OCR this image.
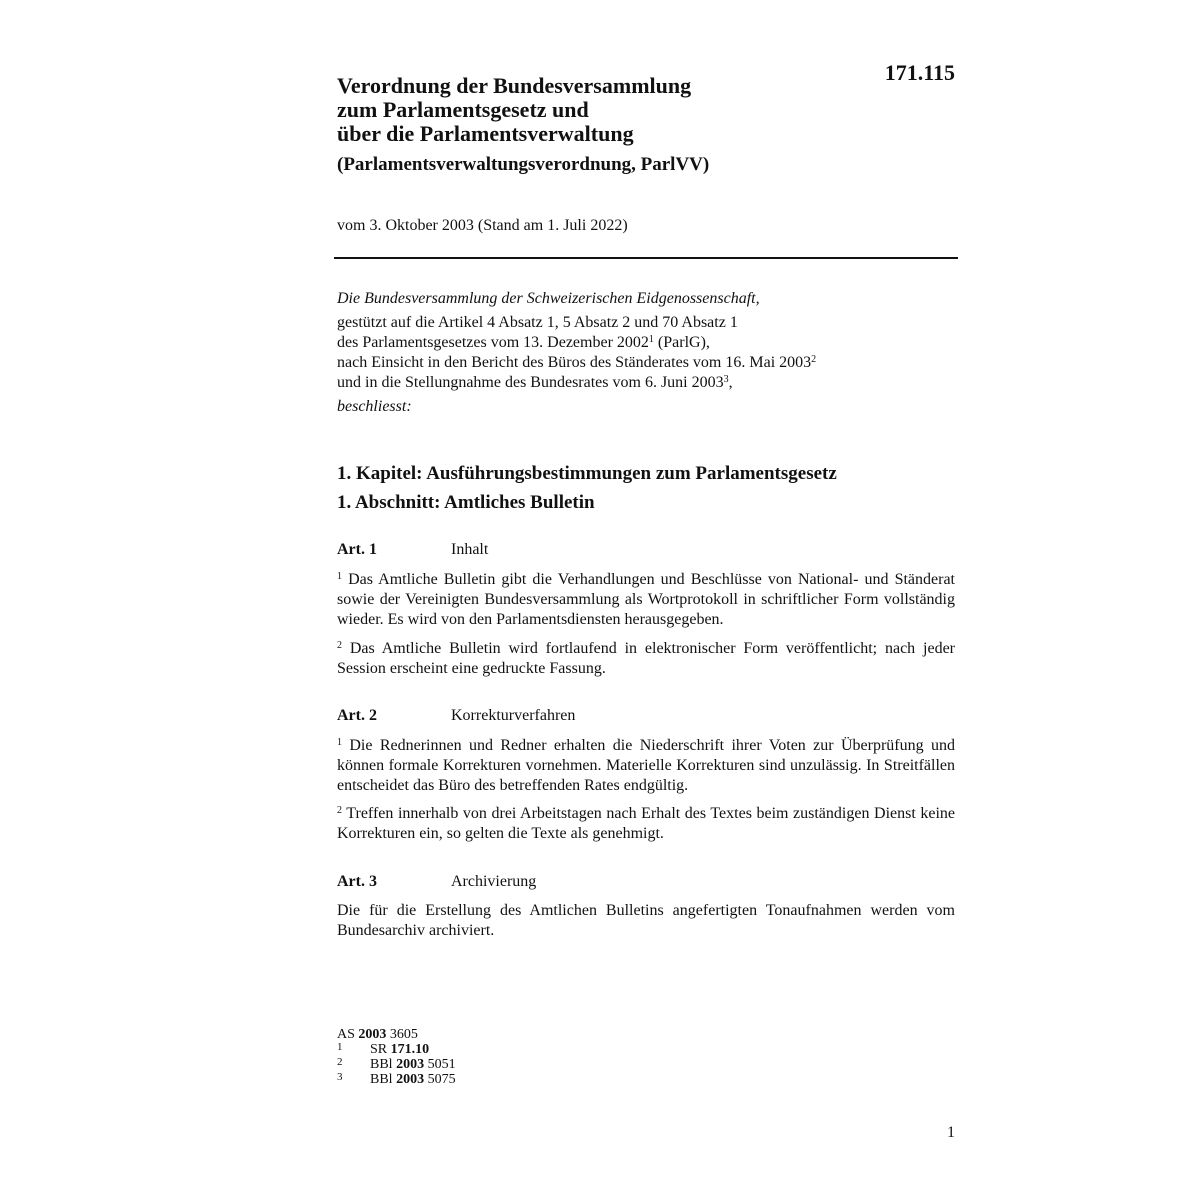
171.115
Verordnung der Bundesversammlung
zum Parlamentsgesetz und
über die Parlamentsverwaltung
(Parlamentsverwaltungsverordnung, ParlVV)
vom 3. Oktober 2003 (Stand am 1. Juli 2022)
Die Bundesversammlung der Schweizerischen Eidgenossenschaft,
gestützt auf die Artikel 4 Absatz 1, 5 Absatz 2 und 70 Absatz 1
des Parlamentsgesetzes vom 13. Dezember 2002$^1$ (ParlG),
nach Einsicht in den Bericht des Büros des Ständerates vom 16. Mai 2003$^2$
und in die Stellungnahme des Bundesrates vom 6. Juni 2003$^3$,
beschliesst:
1. Kapitel: Ausführungsbestimmungen zum Parlamentsgesetz
1. Abschnitt: Amtliches Bulletin
Art. 1	Inhalt
$^1$ Das Amtliche Bulletin gibt die Verhandlungen und Beschlüsse von National- und Ständerat sowie der Vereinigten Bundesversammlung als Wortprotokoll in schriftlicher Form vollständig wieder. Es wird von den Parlamentsdiensten herausgegeben.
$^2$ Das Amtliche Bulletin wird fortlaufend in elektronischer Form veröffentlicht; nach jeder Session erscheint eine gedruckte Fassung.
Art. 2	Korrekturverfahren
$^1$ Die Rednerinnen und Redner erhalten die Niederschrift ihrer Voten zur Überprüfung und können formale Korrekturen vornehmen. Materielle Korrekturen sind unzulässig. In Streitfällen entscheidet das Büro des betreffenden Rates endgültig.
$^2$ Treffen innerhalb von drei Arbeitstagen nach Erhalt des Textes beim zuständigen Dienst keine Korrekturen ein, so gelten die Texte als genehmigt.
Art. 3	Archivierung
Die für die Erstellung des Amtlichen Bulletins angefertigten Tonaufnahmen werden vom Bundesarchiv archiviert.
AS 2003 3605
1	SR 171.10
2	BBl 2003 5051
3	BBl 2003 5075
1
